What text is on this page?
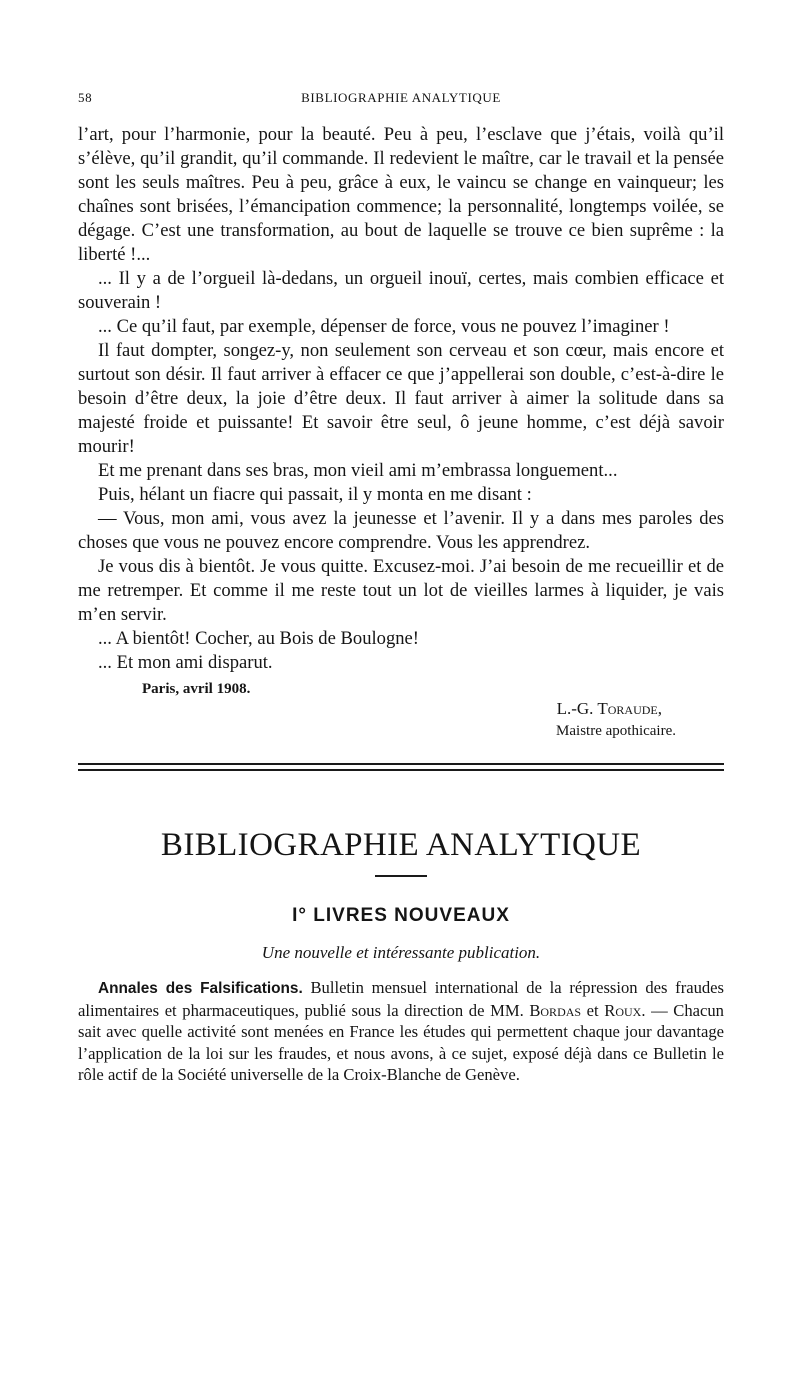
58	BIBLIOGRAPHIE ANALYTIQUE

l’art, pour l’harmonie, pour la beauté. Peu à peu, l’esclave que j’étais, voilà qu’il s’élève, qu’il grandit, qu’il commande. Il redevient le maître, car le travail et la pensée sont les seuls maîtres. Peu à peu, grâce à eux, le vaincu se change en vainqueur; les chaînes sont brisées, l’émancipation commence; la personnalité, longtemps voilée, se dégage. C’est une transformation, au bout de laquelle se trouve ce bien suprême : la liberté !...

... Il y a de l’orgueil là-dedans, un orgueil inouï, certes, mais combien efficace et souverain !

... Ce qu’il faut, par exemple, dépenser de force, vous ne pouvez l’imaginer !

Il faut dompter, songez-y, non seulement son cerveau et son cœur, mais encore et surtout son désir. Il faut arriver à effacer ce que j’appellerai son double, c’est-à-dire le besoin d’être deux, la joie d’être deux. Il faut arriver à aimer la solitude dans sa majesté froide et puissante! Et savoir être seul, ô jeune homme, c’est déjà savoir mourir!

Et me prenant dans ses bras, mon vieil ami m’embrassa longuement...

Puis, hélant un fiacre qui passait, il y monta en me disant :

— Vous, mon ami, vous avez la jeunesse et l’avenir. Il y a dans mes paroles des choses que vous ne pouvez encore comprendre. Vous les apprendrez.

Je vous dis à bientôt. Je vous quitte. Excusez-moi. J’ai besoin de me recueillir et de me retremper. Et comme il me reste tout un lot de vieilles larmes à liquider, je vais m’en servir.

... A bientôt! Cocher, au Bois de Boulogne!

... Et mon ami disparut.

Paris, avril 1908.
L.-G. Toraude,
Maistre apothicaire.
BIBLIOGRAPHIE ANALYTIQUE
I° LIVRES NOUVEAUX
Une nouvelle et intéressante publication.

Annales des Falsifications. Bulletin mensuel international de la répression des fraudes alimentaires et pharmaceutiques, publié sous la direction de MM. Bordas et Roux. — Chacun sait avec quelle activité sont menées en France les études qui permettent chaque jour davantage l’application de la loi sur les fraudes, et nous avons, à ce sujet, exposé déjà dans ce Bulletin le rôle actif de la Société universelle de la Croix-Blanche de Genève.
